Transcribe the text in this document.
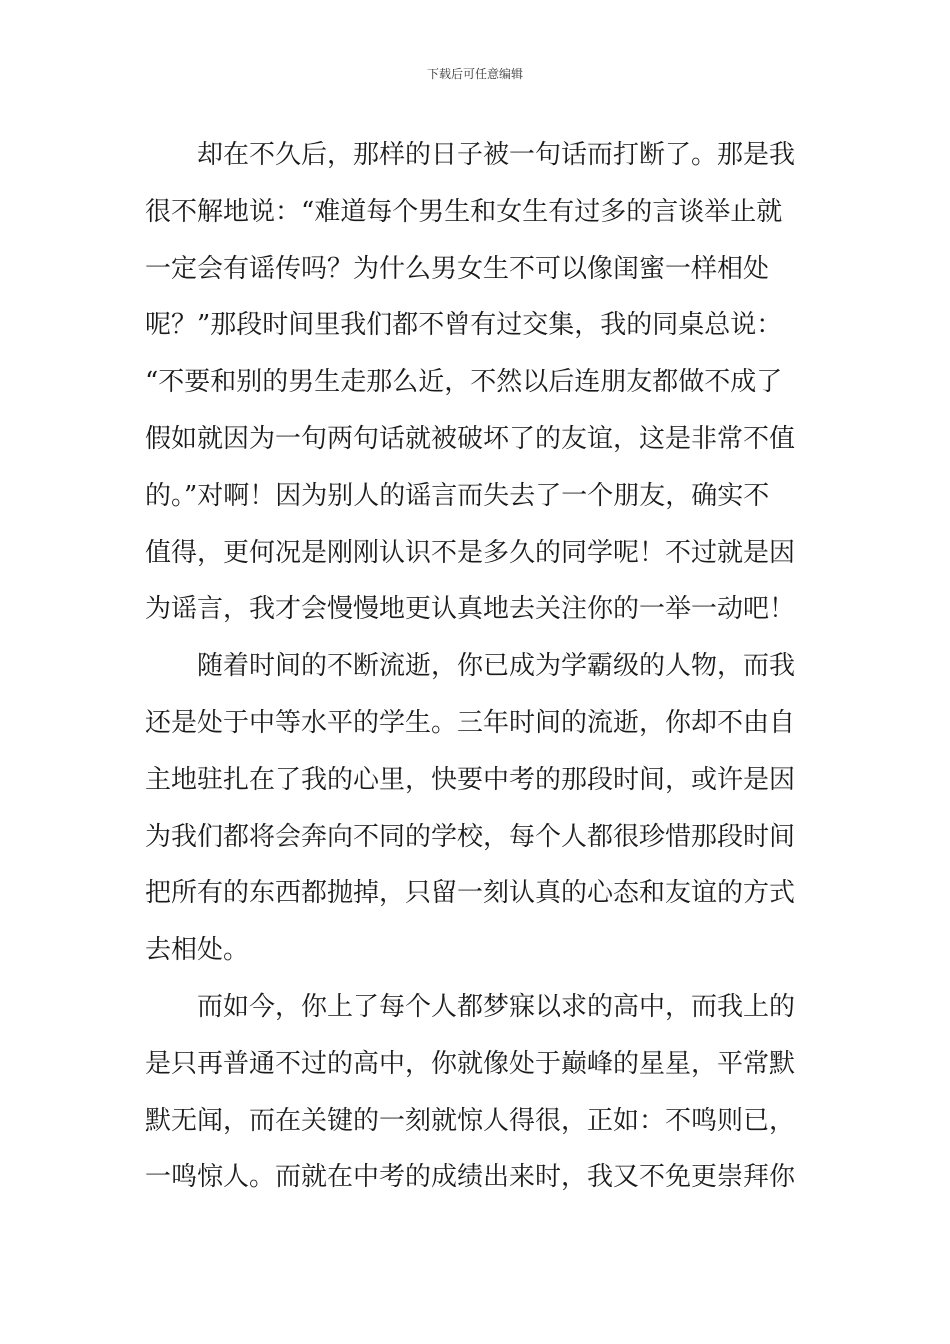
下载后可任意编辑
却在不久后，那样的日子被一句话而打断了。那是我
很不解地说：“难道每个男生和女生有过多的言谈举止就
一定会有谣传吗？为什么男女生不可以像闺蜜一样相处
呢？”那段时间里我们都不曾有过交集，我的同桌总说：
“不要和别的男生走那么近，不然以后连朋友都做不成了
假如就因为一句两句话就被破坏了的友谊，这是非常不值
的。”对啊！因为别人的谣言而失去了一个朋友，确实不
值得，更何况是刚刚认识不是多久的同学呢！不过就是因
为谣言，我才会慢慢地更认真地去关注你的一举一动吧！
随着时间的不断流逝，你已成为学霸级的人物，而我
还是处于中等水平的学生。三年时间的流逝，你却不由自
主地驻扎在了我的心里，快要中考的那段时间，或许是因
为我们都将会奔向不同的学校，每个人都很珍惜那段时间
把所有的东西都抛掉，只留一刻认真的心态和友谊的方式
去相处。
而如今，你上了每个人都梦寐以求的高中，而我上的
是只再普通不过的高中，你就像处于巅峰的星星，平常默
默无闻，而在关键的一刻就惊人得很，正如：不鸣则已，
一鸣惊人。而就在中考的成绩出来时，我又不免更崇拜你
